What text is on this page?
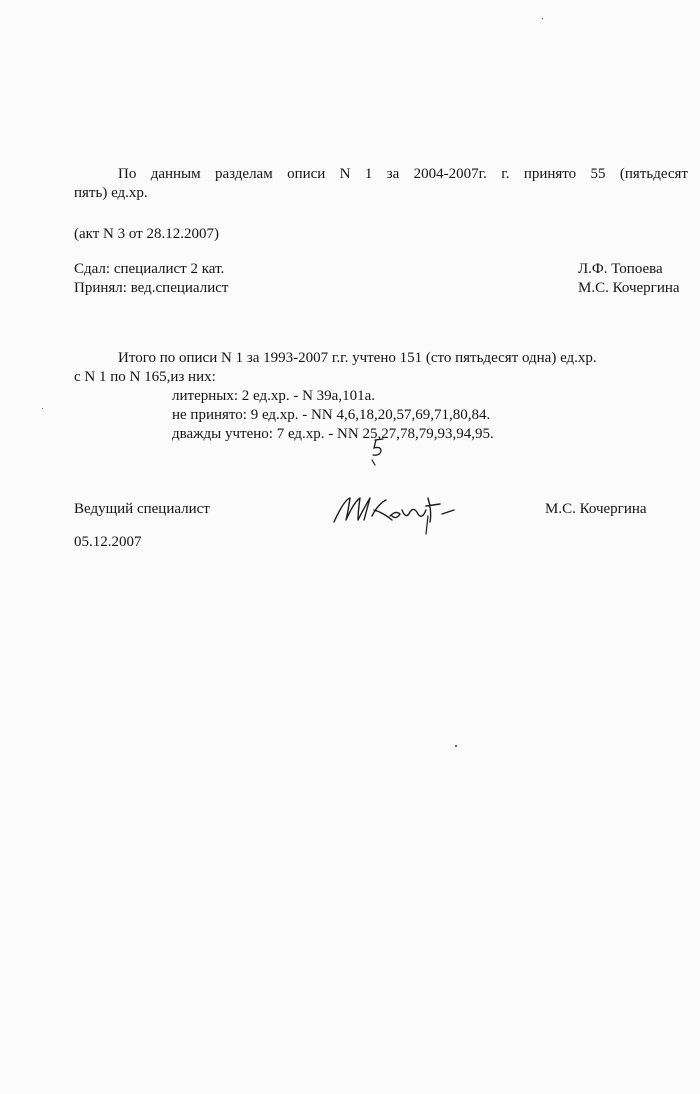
По данным разделам описи N 1 за 2004-2007г. г. принято 55 (пятьдесят
пять) ед.хр.
(акт N 3 от 28.12.2007)
Сдал: специалист 2 кат.	Л.Ф. Топоева
Принял: вед.специалист	М.С. Кочергина
Итого по описи N 1 за 1993-2007 г.г. учтено 151 (сто пятьдесят одна) ед.хр.
с N 1 по N 165,из них:
литерных: 2 ед.хр. - N 39а,101а.
не принято: 9 ед.хр. - NN 4,6,18,20,57,69,71,80,84.
дважды учтено: 7 ед.хр. - NN 25,27,78,79,93,94,95.
Ведущий специалист	М.С. Кочергина
05.12.2007
